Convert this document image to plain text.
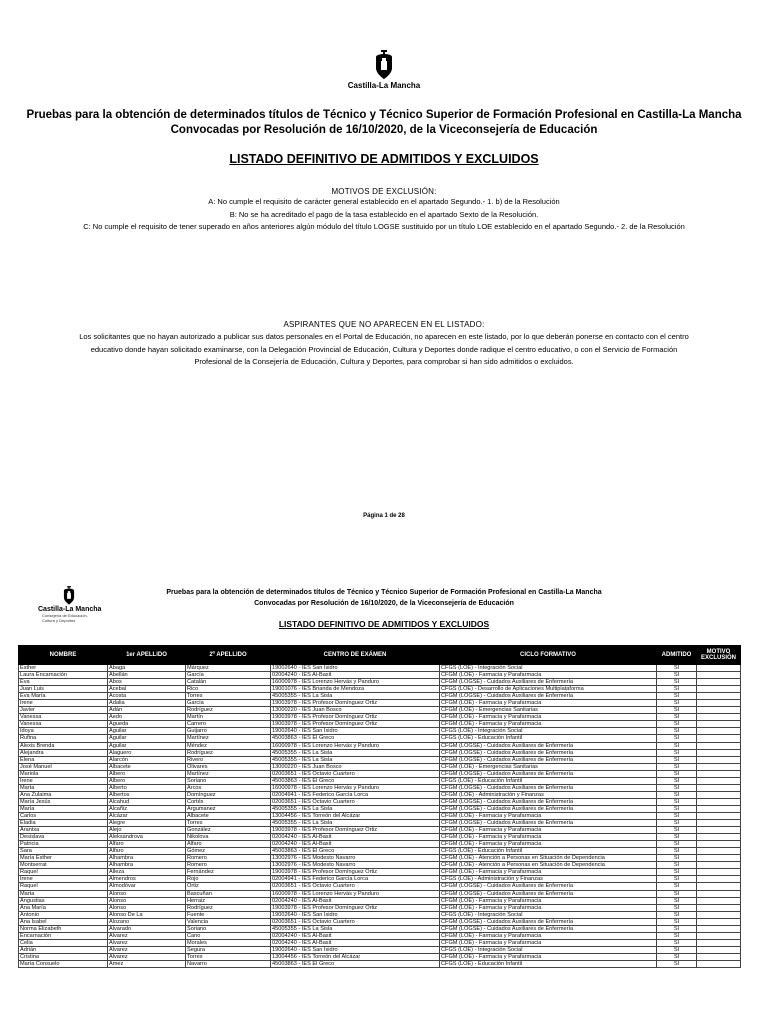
Castilla-La Mancha
Pruebas para la obtención de determinados títulos de Técnico y Técnico Superior de Formación Profesional en Castilla-La Mancha
Convocadas por Resolución de 16/10/2020, de la Viceconsejería de Educación
LISTADO DEFINITIVO DE ADMITIDOS Y EXCLUIDOS
MOTIVOS DE EXCLUSIÓN:
A: No cumple el requisito de carácter general establecido en el apartado Segundo.- 1. b) de la Resolución
B: No se ha acreditado el pago de la tasa establecido en el apartado Sexto de la Resolución.
C: No cumple el requisito de tener superado en años anteriores algún módulo del título LOGSE sustituido por un título LOE establecido en el apartado Segundo.- 2. de la Resolución
ASPIRANTES QUE NO APARECEN EN EL LISTADO:
Los solicitantes que no hayan autorizado a publicar sus datos personales en el Portal de Educación, no aparecen en este listado, por lo que deberán ponerse en contacto con el centro
educativo donde hayan solicitado examinarse, con la Delegación Provincial de Educación, Cultura y Deportes donde radique el centro educativo, o con el Servicio de Formación
Profesional de la Consejería de Educación, Cultura y Deportes, para comprobar si han sido admitidos o excluidos.
Página 1 de 28
Castilla-La Mancha
Consejería de Educación,
Cultura y Deportes
Pruebas para la obtención de determinados títulos de Técnico y Técnico Superior de Formación Profesional en Castilla-La Mancha
Convocadas por Resolución de 16/10/2020, de la Viceconsejería de Educación
LISTADO DEFINITIVO DE ADMITIDOS Y EXCLUIDOS
NOMBRE	1er APELLIDO	2º APELLIDO	CENTRO DE EXÁMEN	CICLO FORMATIVO	ADMITIDO	MOTIVO EXCLUSIÓN
Esther	Abaga	Márquez	19002640 - IES San Isidro	CFGS (LOE) - Integración Social	SI	
Laura Encarnación	Abellán	García	02004240 - IES Al-Basit	CFGM (LOE) - Farmacia y Parafarmacia	SI	
Eva	Abos	Catalán	16000978 - IES Lorenzo Hervás y Panduro	CFGM (LOGSE) - Cuidados Auxiliares de Enfermería	SI	
Juan Luis	Acebal	Rico	19001076 - IES Brianda de Mendoza	CFGS (LOE) - Desarrollo de Aplicaciones Multiplataforma	SI	
Eva María	Acosta	Torres	45005355 - IES La Sisla	CFGM (LOGSE) - Cuidados Auxiliares de Enfermería	SI	
Irene	Adalia	García	19003978 - IES Profesor Domínguez Ortiz	CFGM (LOE) - Farmacia y Parafarmacia	SI	
Javier	Adán	Rodríguez	13000220 - IES Juan Bosco	CFGM (LOE) - Emergencias Sanitarias	SI	
Vanessa	Aedo	Martín	19003978 - IES Profesor Domínguez Ortiz	CFGM (LOE) - Farmacia y Parafarmacia	SI	
Vanessa	Agueda	Carrero	19003978 - IES Profesor Domínguez Ortiz	CFGM (LOE) - Farmacia y Parafarmacia	SI	
Idoya	Aguilar	Guijarro	19002640 - IES San Isidro	CFGS (LOE) - Integración Social	SI	
Rufina	Aguilar	Martínez	45003863 - IES El Greco	CFGS (LOE) - Educación Infantil	SI	
Alexis Brenda	Aguilar	Méndez	16000978 - IES Lorenzo Hervás y Panduro	CFGM (LOGSE) - Cuidados Auxiliares de Enfermería	SI	
Alejandra	Alaguero	Rodríguez	45005355 - IES La Sisla	CFGM (LOGSE) - Cuidados Auxiliares de Enfermería	SI	
Elena	Alarcón	Rivero	45005355 - IES La Sisla	CFGM (LOGSE) - Cuidados Auxiliares de Enfermería	SI	
José Manuel	Albacete	Olivares	13000220 - IES Juan Bosco	CFGM (LOE) - Emergencias Sanitarias	SI	
Mariola	Albero	Martínez	02003651 - IES Octavio Cuartero	CFGM (LOGSE) - Cuidados Auxiliares de Enfermería	SI	
Irene	Albero	Soriano	45003863 - IES El Greco	CFGS (LOE) - Educación Infantil	SI	
Marta	Alberto	Arcos	16000978 - IES Lorenzo Hervás y Panduro	CFGM (LOGSE) - Cuidados Auxiliares de Enfermería	SI	
Ana Zulaima	Albertos	Domínguez	02004941 - IES Federico García Lorca	CFGM (LOE) - Administración y Finanzas	SI	
María Jesús	Alcahud	Cortés	02003651 - IES Octavio Cuartero	CFGM (LOGSE) - Cuidados Auxiliares de Enfermería	SI	
María	Alcañiz	Argumanez	45005355 - IES La Sisla	CFGM (LOGSE) - Cuidados Auxiliares de Enfermería	SI	
Carlos	Alcázar	Albacete	13004456 - IES Torreón del Alcázar	CFGM (LOE) - Farmacia y Parafarmacia	SI	
Eladia	Alegre	Torres	45005355 - IES La Sisla	CFGM (LOGSE) - Cuidados Auxiliares de Enfermería	SI	
Arantxa	Alejo	González	19003978 - IES Profesor Domínguez Ortiz	CFGM (LOE) - Farmacia y Parafarmacia	SI	
Desislava	Aleksandrova	Nikolova	02004240 - IES Al-Basit	CFGM (LOE) - Farmacia y Parafarmacia	SI	
Patricia	Alfaro	Alfaro	02004240 - IES Al-Basit	CFGM (LOE) - Farmacia y Parafarmacia	SI	
Sara	Alfaro	Gómez	45003863 - IES El Greco	CFGS (LOE) - Educación Infantil	SI	
María Esther	Alhambra	Romero	13002976 - IES Modesto Navarro	CFGM (LOE) - Atención a Personas en Situación de Dependencia	SI	
Montserrat	Alhambra	Romero	13002976 - IES Modesto Navarro	CFGM (LOE) - Atención a Personas en Situación de Dependencia	SI	
Raquel	Alleza	Fernández	19003978 - IES Profesor Domínguez Ortiz	CFGM (LOE) - Farmacia y Parafarmacia	SI	
Irene	Almendros	Rojo	02004941 - IES Federico García Lorca	CFGS (LOE) - Administración y Finanzas	SI	
Raquel	Almodóvar	Ortiz	02003651 - IES Octavio Cuartero	CFGM (LOGSE) - Cuidados Auxiliares de Enfermería	SI	
Marta	Alonso	Bascuñan	16000978 - IES Lorenzo Hervás y Panduro	CFGM (LOGSE) - Cuidados Auxiliares de Enfermería	SI	
Angustias	Alonso	Herraiz	02004240 - IES Al-Basit	CFGM (LOE) - Farmacia y Parafarmacia	SI	
Ana María	Alonso	Rodríguez	19003978 - IES Profesor Domínguez Ortiz	CFGM (LOE) - Farmacia y Parafarmacia	SI	
Antonio	Alonso De La	Fuente	19002640 - IES San Isidro	CFGS (LOE) - Integración Social	SI	
Ana Isabel	Alozano	Valencia	02003651 - IES Octavio Cuartero	CFGM (LOGSE) - Cuidados Auxiliares de Enfermería	SI	
Norma Elizabeth	Alvarado	Soriano	45005355 - IES La Sisla	CFGM (LOGSE) - Cuidados Auxiliares de Enfermería	SI	
Encarnación	Alvarez	Cano	02004240 - IES Al-Basit	CFGM (LOE) - Farmacia y Parafarmacia	SI	
Celia	Alvarez	Morales	02004240 - IES Al-Basit	CFGM (LOE) - Farmacia y Parafarmacia	SI	
Adrián	Alvarez	Segura	19002640 - IES San Isidro	CFGS (LOE) - Integración Social	SI	
Cristina	Alvarez	Torres	13004456 - IES Torreón del Alcázar	CFGM (LOE) - Farmacia y Parafarmacia	SI	
María Consuelo	Amez	Navarro	45003863 - IES El Greco	CFGS (LOE) - Educación Infantil	SI	
